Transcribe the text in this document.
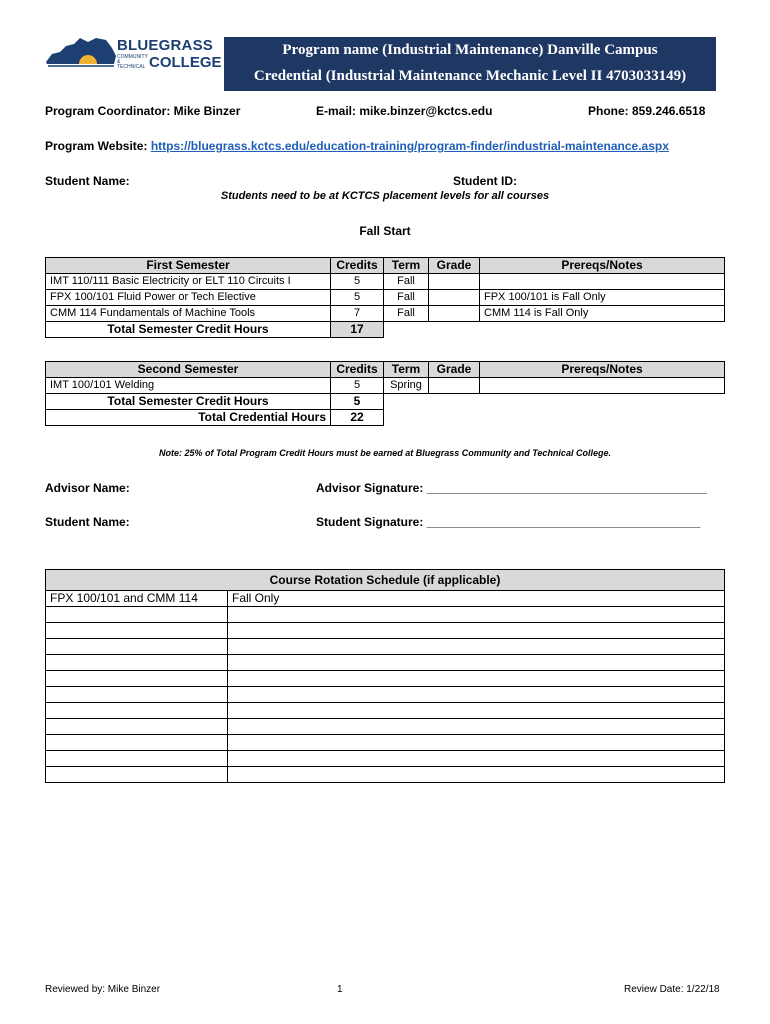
BLUEGRASS
COMMUNITY & TECHNICAL COLLEGE
Program name (Industrial Maintenance) Danville Campus
Credential (Industrial Maintenance Mechanic Level II 4703033149)
Program Coordinator: Mike Binzer	E-mail: mike.binzer@kctcs.edu	Phone: 859.246.6518
Program Website: https://bluegrass.kctcs.edu/education-training/program-finder/industrial-maintenance.aspx
Student Name:	Student ID:
Students need to be at KCTCS placement levels for all courses
Fall Start
First Semester	Credits	Term	Grade	Prereqs/Notes
IMT 110/111 Basic Electricity or ELT 110 Circuits I	5	Fall		
FPX 100/101 Fluid Power or Tech Elective	5	Fall		FPX 100/101 is Fall Only
CMM 114 Fundamentals of Machine Tools	7	Fall		CMM 114 is Fall Only
Total Semester Credit Hours	17			
Second Semester	Credits	Term	Grade	Prereqs/Notes
IMT 100/101 Welding	5	Spring		
Total Semester Credit Hours	5			
Total Credential Hours	22			
Note: 25% of Total Program Credit Hours must be earned at Bluegrass Community and Technical College.
Advisor Name:	Advisor Signature: __________________________________________
Student Name:	Student Signature: _________________________________________
Course Rotation Schedule (if applicable)	
FPX 100/101 and CMM 114	Fall Only

Reviewed by: Mike Binzer	1	Review Date: 1/22/18
